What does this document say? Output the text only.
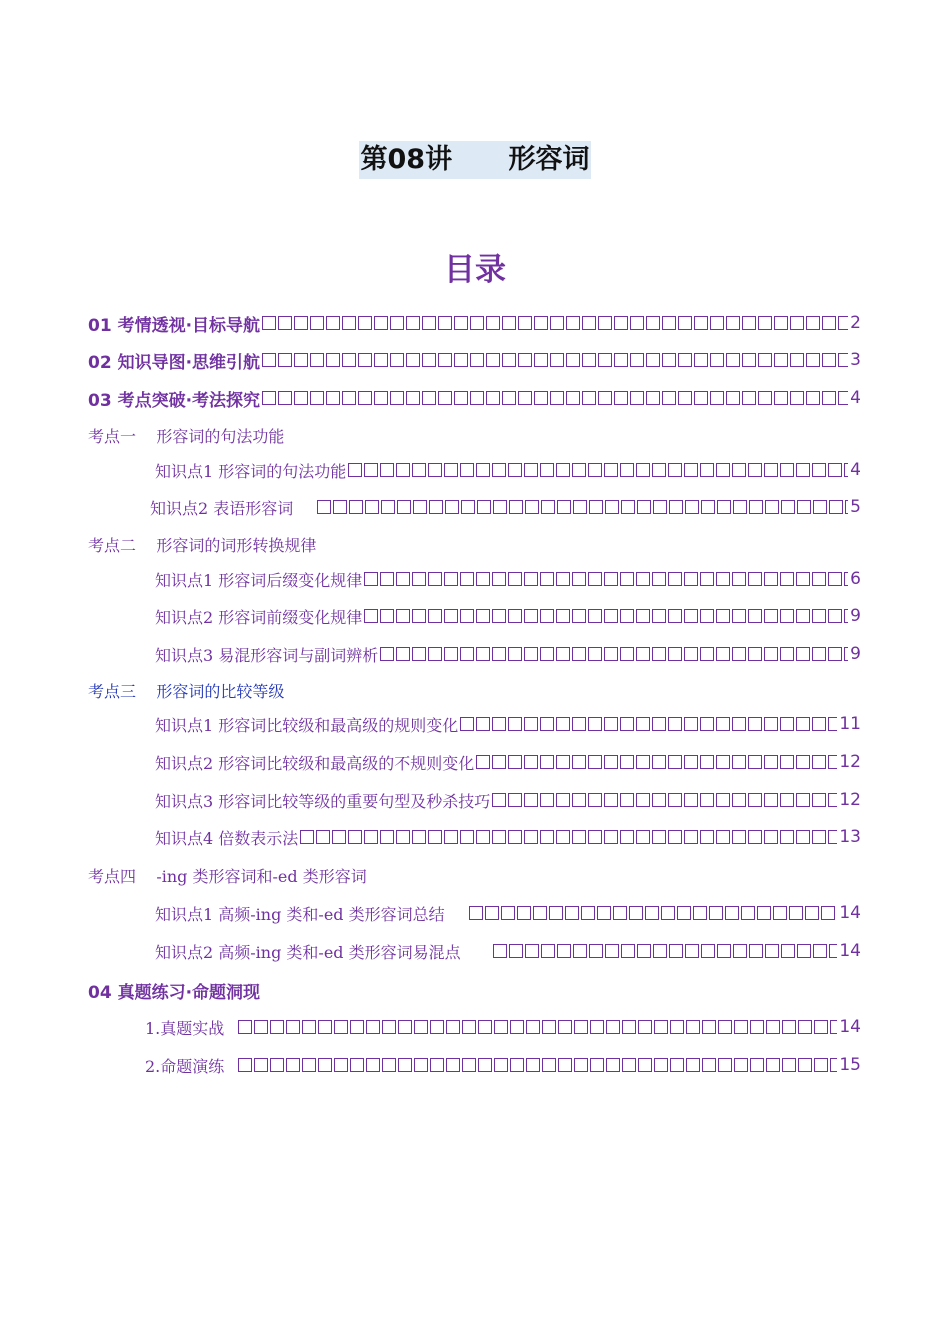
第08讲      形容词
目录
01 考情透视·目标导航	2
02 知识导图·思维引航	3
03 考点突破·考法探究	4
考点一    形容词的句法功能
知识点1 形容词的句法功能	4
知识点2 表语形容词	5
考点二    形容词的词形转换规律
知识点1 形容词后缀变化规律	6
知识点2 形容词前缀变化规律	9
知识点3 易混形容词与副词辨析	9
考点三    形容词的比较等级
知识点1 形容词比较级和最高级的规则变化	11
知识点2 形容词比较级和最高级的不规则变化	12
知识点3 形容词比较等级的重要句型及秒杀技巧	12
知识点4 倍数表示法	13
考点四    -ing 类形容词和-ed 类形容词
知识点1 高频-ing 类和-ed 类形容词总结	14
知识点2 高频-ing 类和-ed 类形容词易混点	14
04 真题练习·命题洞现
1.真题实战	14
2.命题演练	15
